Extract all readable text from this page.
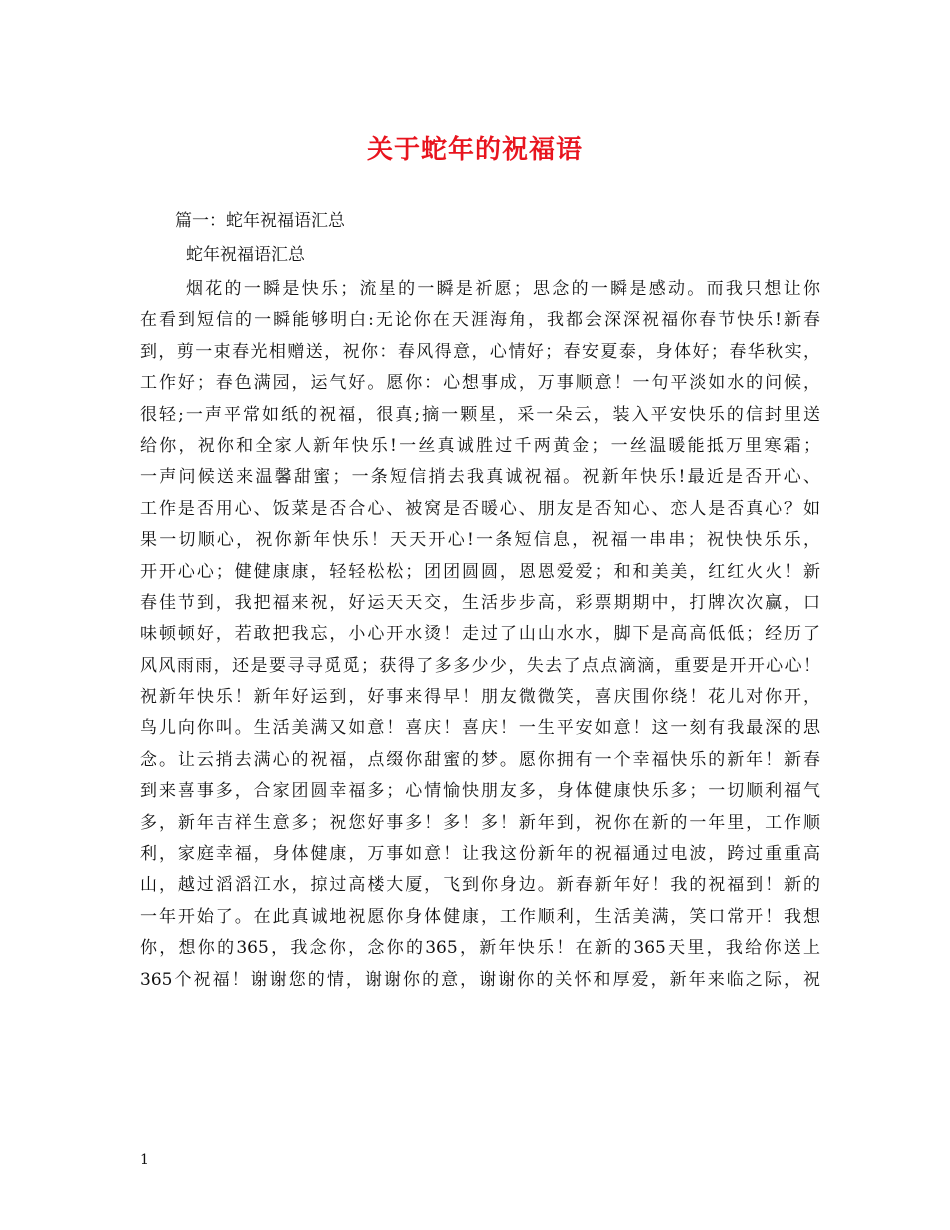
关于蛇年的祝福语
篇一：蛇年祝福语汇总
蛇年祝福语汇总
烟花的一瞬是快乐；流星的一瞬是祈愿；思念的一瞬是感动。而我只想让你
在看到短信的一瞬能够明白:无论你在天涯海角，我都会深深祝福你春节快乐!新春
到，剪一束春光相赠送，祝你：春风得意，心情好；春安夏泰，身体好；春华秋实，
工作好；春色满园，运气好。愿你：心想事成，万事顺意！一句平淡如水的问候，
很轻;一声平常如纸的祝福，很真;摘一颗星，采一朵云，装入平安快乐的信封里送
给你，祝你和全家人新年快乐!一丝真诚胜过千两黄金；一丝温暖能抵万里寒霜；
一声问候送来温馨甜蜜；一条短信捎去我真诚祝福。祝新年快乐!最近是否开心、
工作是否用心、饭菜是否合心、被窝是否暖心、朋友是否知心、恋人是否真心？如
果一切顺心，祝你新年快乐！天天开心!一条短信息，祝福一串串；祝快快乐乐，
开开心心；健健康康，轻轻松松；团团圆圆，恩恩爱爱；和和美美，红红火火！新
春佳节到，我把福来祝，好运天天交，生活步步高，彩票期期中，打牌次次赢，口
味顿顿好，若敢把我忘，小心开水烫！走过了山山水水，脚下是高高低低；经历了
风风雨雨，还是要寻寻觅觅；获得了多多少少，失去了点点滴滴，重要是开开心心！
祝新年快乐！新年好运到，好事来得早！朋友微微笑，喜庆围你绕！花儿对你开，
鸟儿向你叫。生活美满又如意！喜庆！喜庆！一生平安如意！这一刻有我最深的思
念。让云捎去满心的祝福，点缀你甜蜜的梦。愿你拥有一个幸福快乐的新年！新春
到来喜事多，合家团圆幸福多；心情愉快朋友多，身体健康快乐多；一切顺利福气
多，新年吉祥生意多；祝您好事多！多！多！新年到，祝你在新的一年里，工作顺
利，家庭幸福，身体健康，万事如意！让我这份新年的祝福通过电波，跨过重重高
山，越过滔滔江水，掠过高楼大厦，飞到你身边。新春新年好！我的祝福到！新的
一年开始了。在此真诚地祝愿你身体健康，工作顺利，生活美满，笑口常开！我想
你，想你的365，我念你，念你的365，新年快乐！在新的365天里，我给你送上
365个祝福！谢谢您的情，谢谢你的意，谢谢你的关怀和厚爱，新年来临之际，祝
1
